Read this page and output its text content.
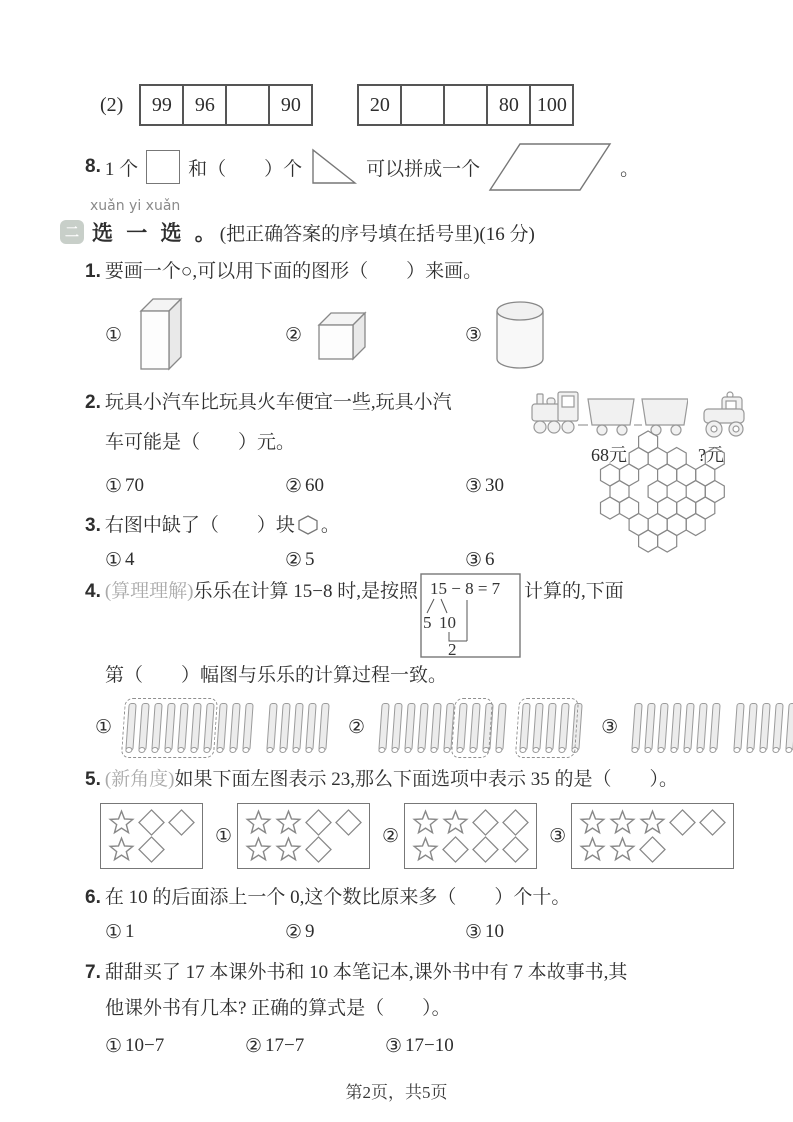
(2)	99	96	90	20	80 100
8. 1 个	和（　　）个	可以拼成一个	。
xuǎn yi xuǎn
二 选 一 选 。 (把正确答案的序号填在括号里)(16 分)
1. 要画一个○,可以用下面的图形（　　）来画。
①	②	③
2. 玩具小汽车比玩具火车便宜一些,玩具小汽
车可能是（　　）元。
68元	?元
① 70	② 60	③ 30
3. 右图中缺了（　　）块 。
① 4	② 5	③ 6
4. (算理理解) 乐乐在计算 15−8 时,是按照 15 − 8 = 7
5 10
2
计算的,下面
第（　　）幅图与乐乐的计算过程一致。
①	②	③
5. (新角度)如果下面左图表示 23,那么下面选项中表示 35 的是（　　）。
①	②	③
6. 在 10 的后面添上一个 0,这个数比原来多（　　）个十。
① 1	② 9	③ 10
7. 甜甜买了 17 本课外书和 10 本笔记本,课外书中有 7 本故事书,其
他课外书有几本? 正确的算式是（　　）。
① 10−7	② 17−7	③ 17−10
第2页，共5页
